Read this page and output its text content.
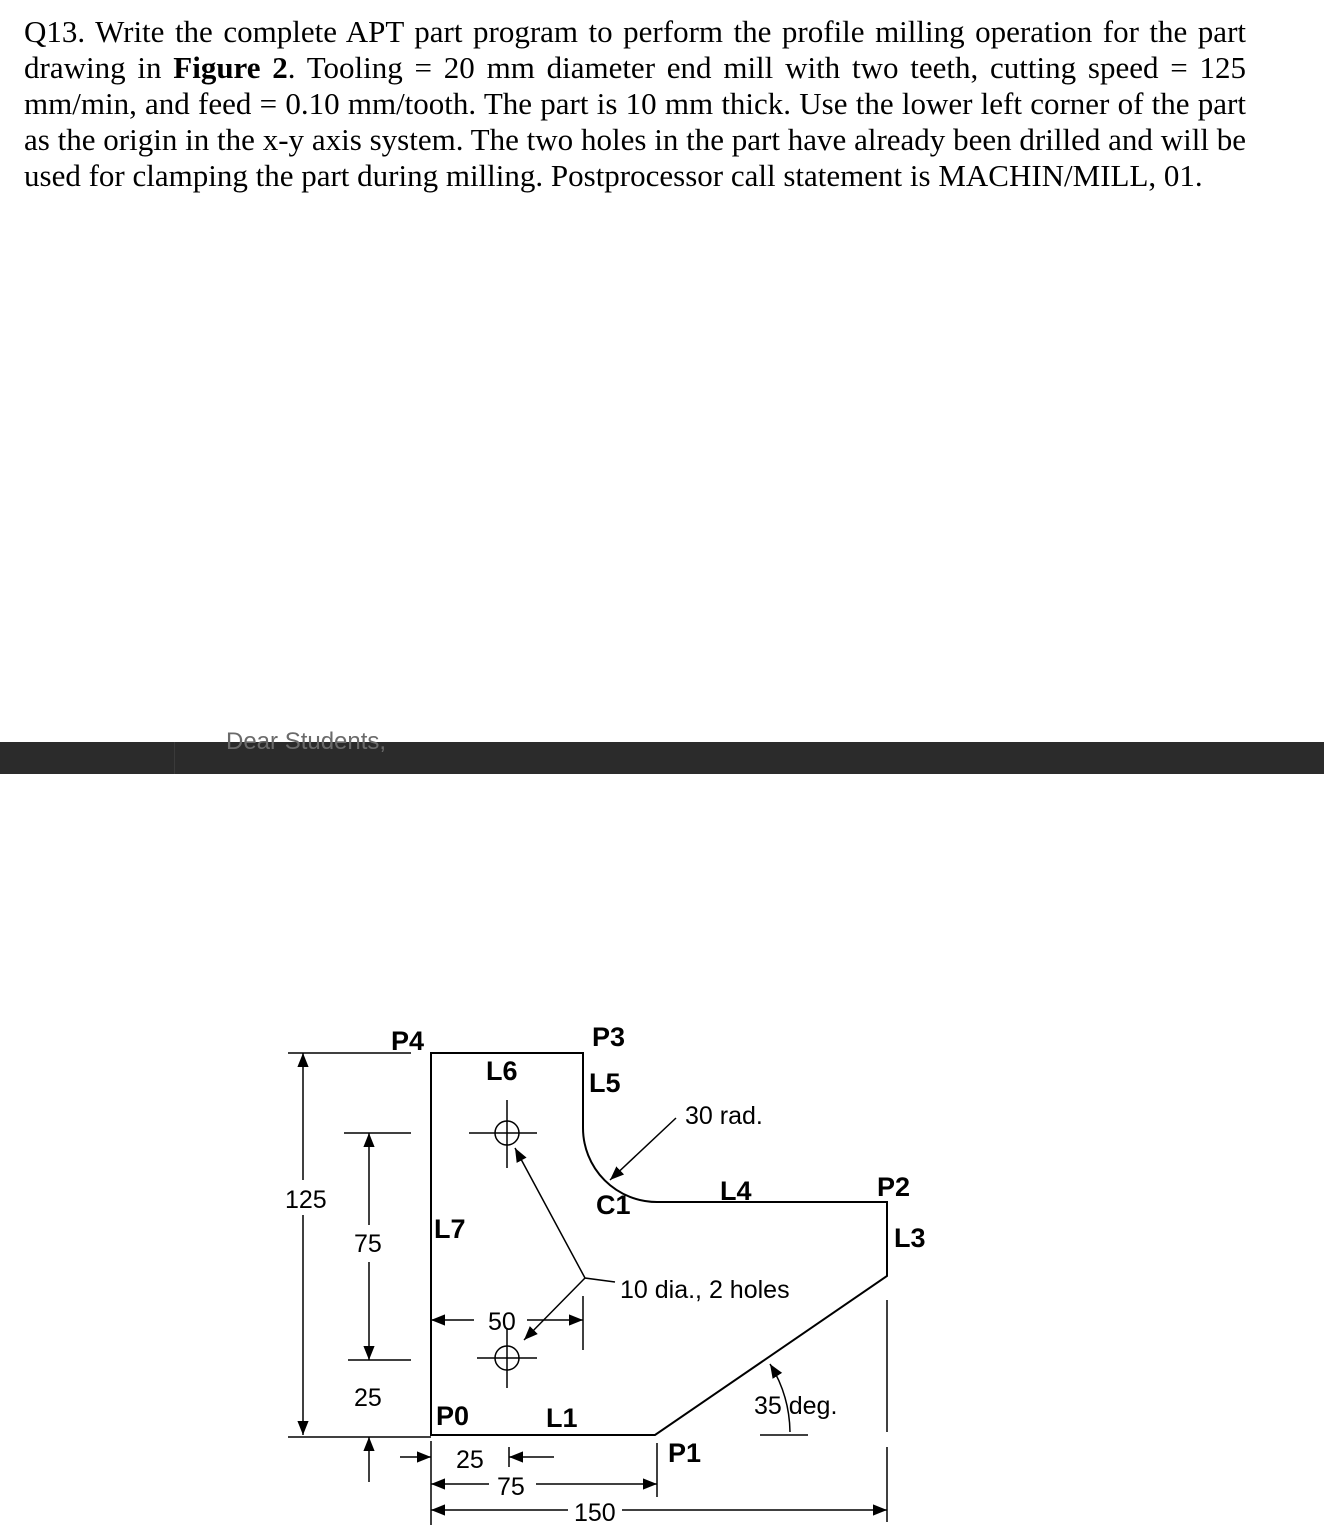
Q13. Write the complete APT part program to perform the profile milling operation for the part
drawing in Figure 2. Tooling = 20 mm diameter end mill with two teeth, cutting speed = 125
mm/min, and feed = 0.10 mm/tooth. The part is 10 mm thick. Use the lower left corner of the part
as the origin in the x-y axis system. The two holes in the part have already been drilled and will be
used for clamping the part during milling. Postprocessor call statement is MACHIN/MILL, 01.
Dear Students,
P4	P3
L6	L5
50
30 rad.
C1	L4	P2
L3
125
75 L7
10 dia., 2 holes
25
P0	L1	35 deg.
P1
25
75
150
